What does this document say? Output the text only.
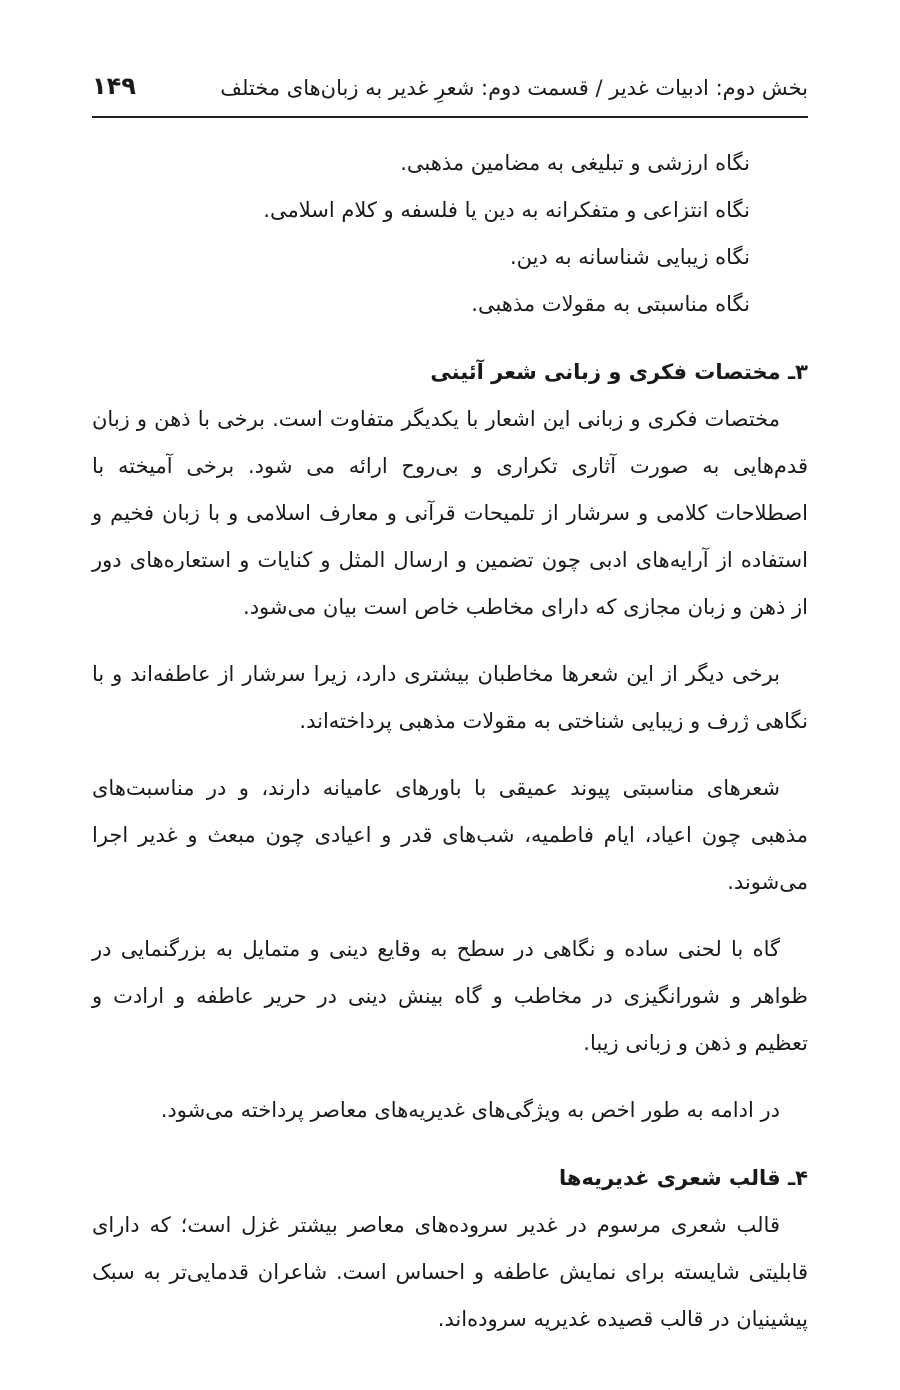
بخش دوم: ادبیات غدیر / قسمت دوم: شعرِ غدیر به زبان‌های مختلف
۱۴۹
نگاه ارزشی و تبلیغی به مضامین مذهبی.
نگاه انتزاعی و متفکرانه به دین یا فلسفه و کلام اسلامی.
نگاه زیبایی شناسانه به دین.
نگاه مناسبتی به مقولات مذهبی.
۳ـ مختصات فکری و زبانی شعر آئینی

مختصات فکری و زبانی این اشعار با یکدیگر متفاوت است. برخی با ذهن و زبان قدم‌هایی به صورت آثاری تکراری و بی‌روح ارائه می شود. برخی آمیخته با اصطلاحات کلامی و سرشار از تلمیحات قرآنی و معارف اسلامی و با زبان فخیم و استفاده از آرایه‌های ادبی چون تضمین و ارسال المثل و کنایات و استعاره‌های دور از ذهن و زبان مجازی که دارای مخاطب خاص است بیان می‌شود.

برخی دیگر از این شعرها مخاطبان بیشتری دارد، زیرا سرشار از عاطفه‌اند و با نگاهی ژرف و زیبایی شناختی به مقولات مذهبی پرداخته‌اند.

شعرهای مناسبتی پیوند عمیقی با باورهای عامیانه دارند، و در مناسبت‌های مذهبی چون اعیاد، ایام فاطمیه، شب‌های قدر و اعیادی چون مبعث و غدیر اجرا می‌شوند.

گاه با لحنی ساده و نگاهی در سطح به وقایع دینی و متمایل به بزرگنمایی در ظواهر و شورانگیزی در مخاطب و گاه بینش دینی در حریر عاطفه و ارادت و تعظیم و ذهن و زبانی زیبا.

در ادامه به طور اخص به ویژگی‌های غدیریه‌های معاصر پرداخته می‌شود.

۴ـ قالب شعری غدیریه‌ها

قالب شعری مرسوم در غدیر سروده‌های معاصر بیشتر غزل است؛ که دارای قابلیتی شایسته برای نمایش عاطفه و احساس است. شاعران قدمایی‌تر به سبک پیشینیان در قالب قصیده غدیریه سروده‌اند.
